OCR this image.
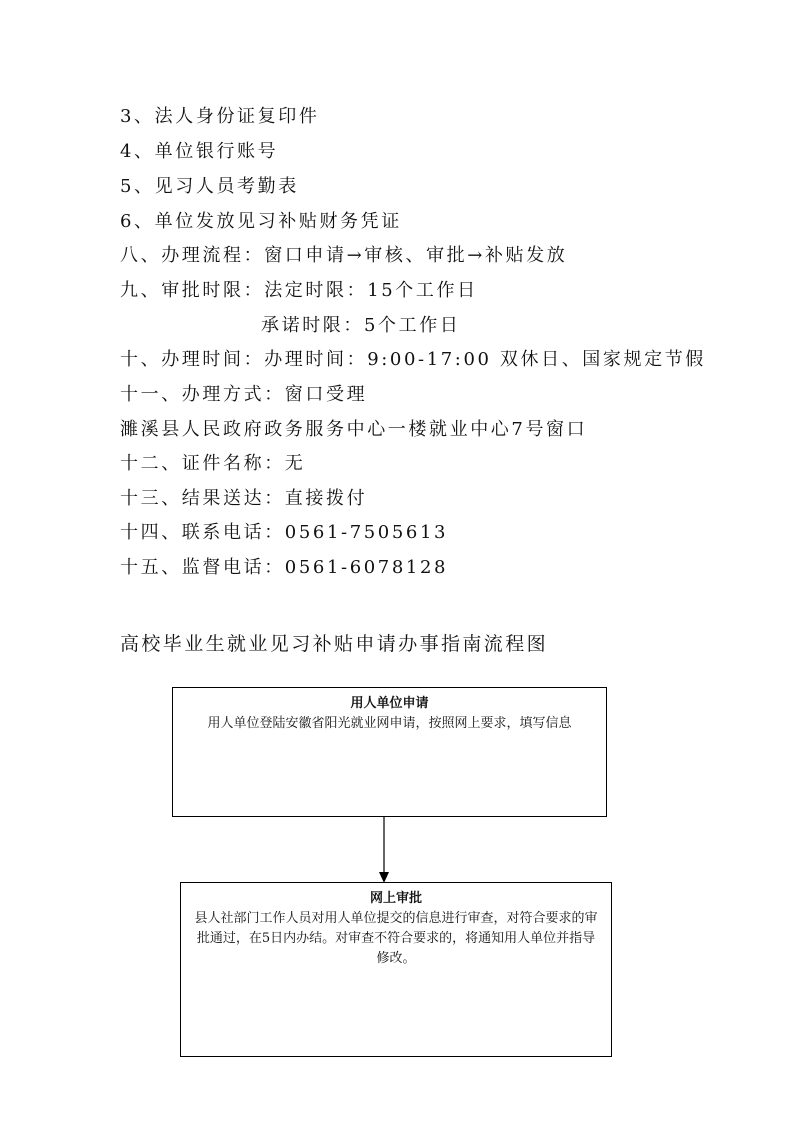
3、法人身份证复印件
4、单位银行账号
5、见习人员考勤表
6、单位发放见习补贴财务凭证
八、办理流程：窗口申请→审核、审批→补贴发放
九、审批时限：法定时限：15个工作日
承诺时限：5个工作日
十、办理时间：办理时间：9:00-17:00 双休日、国家规定节假
十一、办理方式：窗口受理
濉溪县人民政府政务服务中心一楼就业中心7号窗口
十二、证件名称：无
十三、结果送达：直接拨付
十四、联系电话：0561-7505613
十五、监督电话：0561-6078128
高校毕业生就业见习补贴申请办事指南流程图
用人单位申请
用人单位登陆安徽省阳光就业网申请，按照网上要求，填写信息
网上审批
县人社部门工作人员对用人单位提交的信息进行审查，对符合要求的审批通过，在5日内办结。对审查不符合要求的，将通知用人单位并指导修改。
